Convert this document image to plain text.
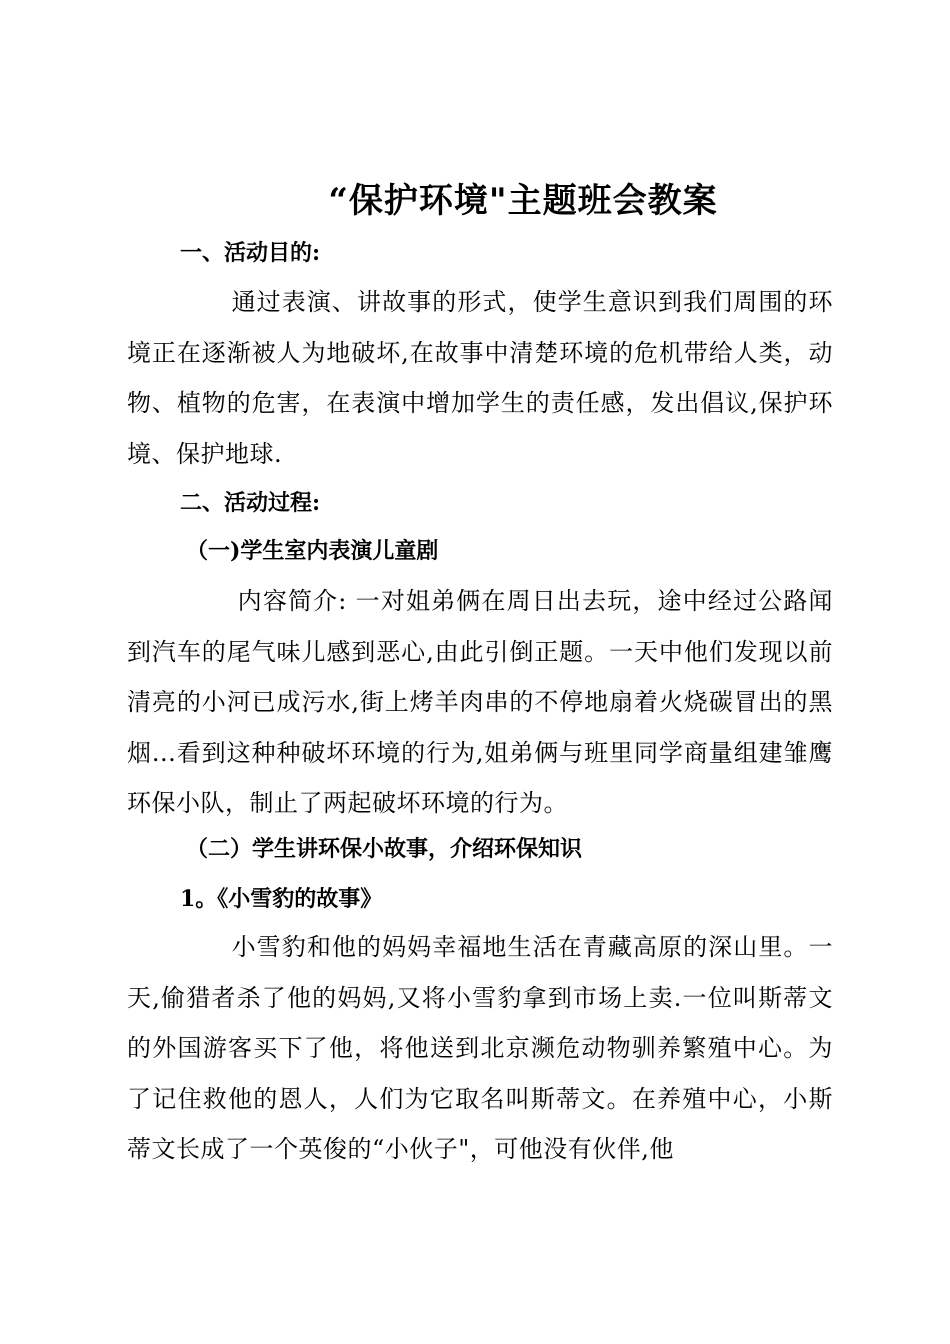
“保护环境"主题班会教案
一、活动目的:
通过表演、讲故事的形式，使学生意识到我们周围的环境正在逐渐被人为地破坏,在故事中清楚环境的危机带给人类，动物、植物的危害，在表演中增加学生的责任感，发出倡议,保护环境、保护地球.
二、活动过程:
（一)学生室内表演儿童剧
内容简介: 一对姐弟俩在周日出去玩，途中经过公路闻到汽车的尾气味儿感到恶心,由此引倒正题。一天中他们发现以前清亮的小河已成污水,街上烤羊肉串的不停地扇着火烧碳冒出的黑烟...看到这种种破坏环境的行为,姐弟俩与班里同学商量组建雏鹰环保小队，制止了两起破坏环境的行为。
（二）学生讲环保小故事，介绍环保知识
1。《小雪豹的故事》
小雪豹和他的妈妈幸福地生活在青藏高原的深山里。一天,偷猎者杀了他的妈妈,又将小雪豹拿到市场上卖.一位叫斯蒂文的外国游客买下了他，将他送到北京濒危动物驯养繁殖中心。为了记住救他的恩人，人们为它取名叫斯蒂文。在养殖中心，小斯蒂文长成了一个英俊的“小伙子"，可他没有伙伴,他
